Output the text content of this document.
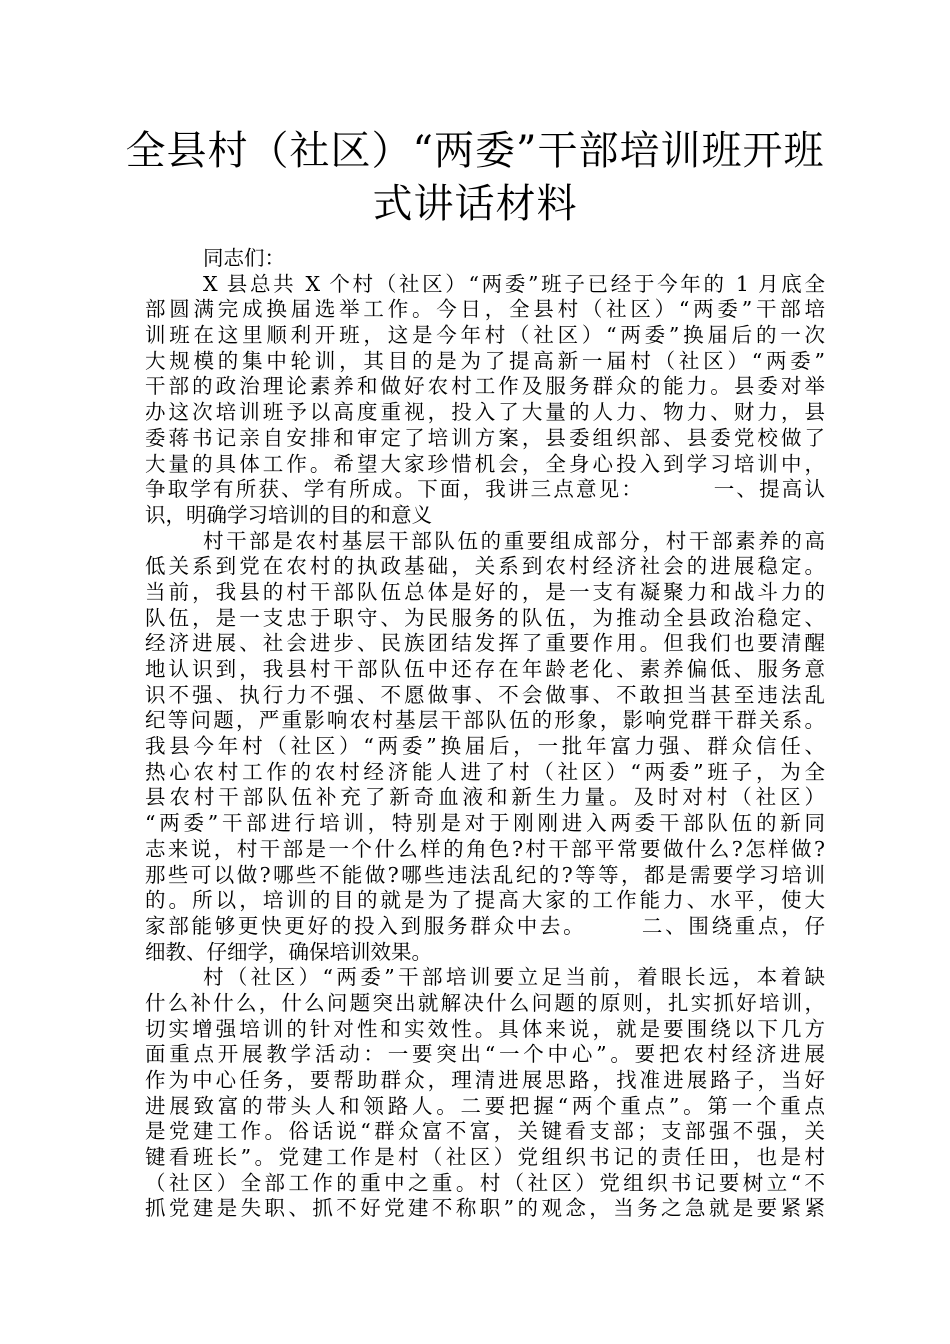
全县村（社区）“两委”干部培训班开班
式讲话材料
同志们：
X 县总共 X 个村（社区）“两委”班子已经于今年的 1 月底全
部圆满完成换届选举工作。今日，全县村（社区）“两委”干部培
训班在这里顺利开班，这是今年村（社区）“两委”换届后的一次
大规模的集中轮训，其目的是为了提高新一届村（社区）“两委”
干部的政治理论素养和做好农村工作及服务群众的能力。县委对举
办这次培训班予以高度重视，投入了大量的人力、物力、财力，县
委蒋书记亲自安排和审定了培训方案，县委组织部、县委党校做了
大量的具体工作。希望大家珍惜机会，全身心投入到学习培训中，
争取学有所获、学有所成。下面，我讲三点意见：        一、提高认
识，明确学习培训的目的和意义
村干部是农村基层干部队伍的重要组成部分，村干部素养的高
低关系到党在农村的执政基础，关系到农村经济社会的进展稳定。
当前，我县的村干部队伍总体是好的，是一支有凝聚力和战斗力的
队伍，是一支忠于职守、为民服务的队伍，为推动全县政治稳定、
经济进展、社会进步、民族团结发挥了重要作用。但我们也要清醒
地认识到，我县村干部队伍中还存在年龄老化、素养偏低、服务意
识不强、执行力不强、不愿做事、不会做事、不敢担当甚至违法乱
纪等问题，严重影响农村基层干部队伍的形象，影响党群干群关系。
我县今年村（社区）“两委”换届后，一批年富力强、群众信任、
热心农村工作的农村经济能人进了村（社区）“两委”班子，为全
县农村干部队伍补充了新奇血液和新生力量。及时对村（社区）
“两委”干部进行培训，特别是对于刚刚进入两委干部队伍的新同
志来说，村干部是一个什么样的角色?村干部平常要做什么?怎样做?
那些可以做?哪些不能做?哪些违法乱纪的?等等，都是需要学习培训
的。所以，培训的目的就是为了提高大家的工作能力、水平，使大
家部能够更快更好的投入到服务群众中去。      二、围绕重点，仔
细教、仔细学，确保培训效果。
村（社区）“两委”干部培训要立足当前，着眼长远，本着缺
什么补什么，什么问题突出就解决什么问题的原则，扎实抓好培训，
切实增强培训的针对性和实效性。具体来说，就是要围绕以下几方
面重点开展教学活动：一要突出“一个中心”。要把农村经济进展
作为中心任务，要帮助群众，理清进展思路，找准进展路子，当好
进展致富的带头人和领路人。二要把握“两个重点”。第一个重点
是党建工作。俗话说“群众富不富，关键看支部；支部强不强，关
键看班长”。党建工作是村（社区）党组织书记的责任田，也是村
（社区）全部工作的重中之重。村（社区）党组织书记要树立“不
抓党建是失职、抓不好党建不称职”的观念，当务之急就是要紧紧
